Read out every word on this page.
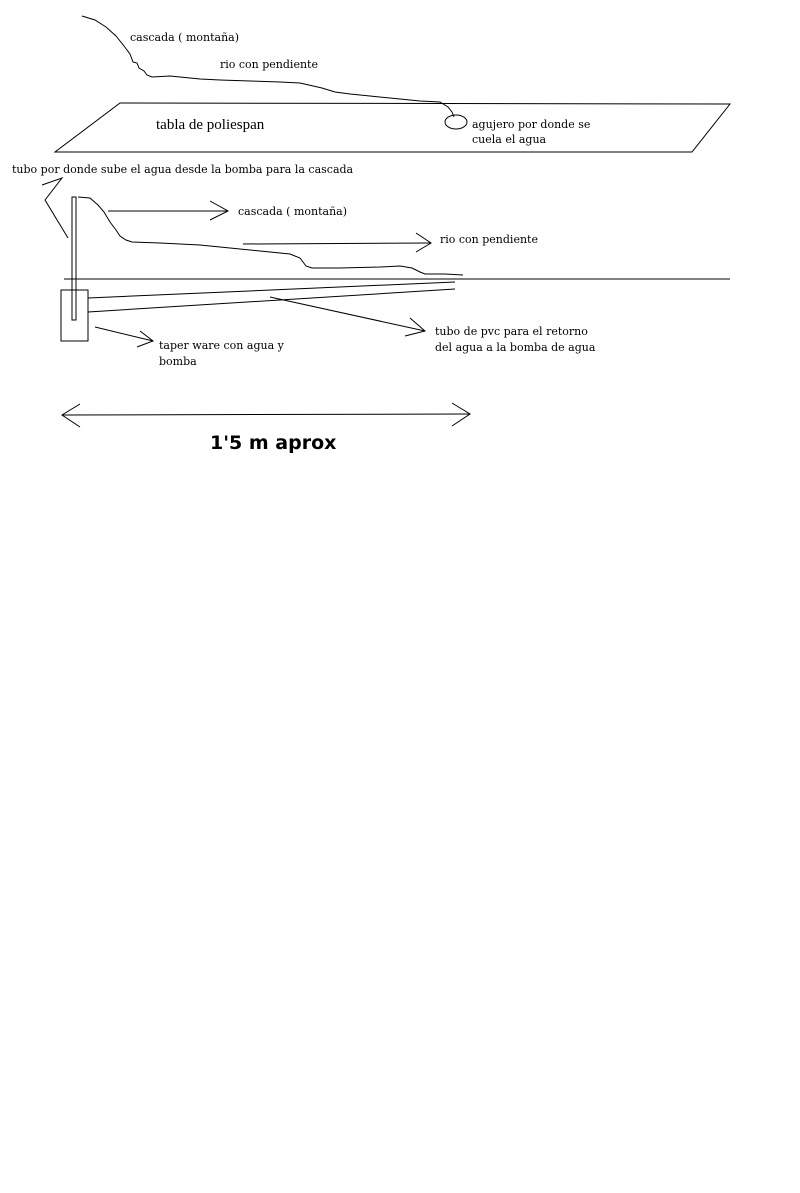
cascada ( montaña)
rio con pendiente
tabla de poliespan	agujero por donde se
cuela el agua
tubo por donde sube el agua desde la bomba para la cascada
cascada ( montaña)
rio con pendiente
tubo de pvc para el retorno
del agua a la bomba de agua
taper ware con agua y
bomba
1'5 m aprox
